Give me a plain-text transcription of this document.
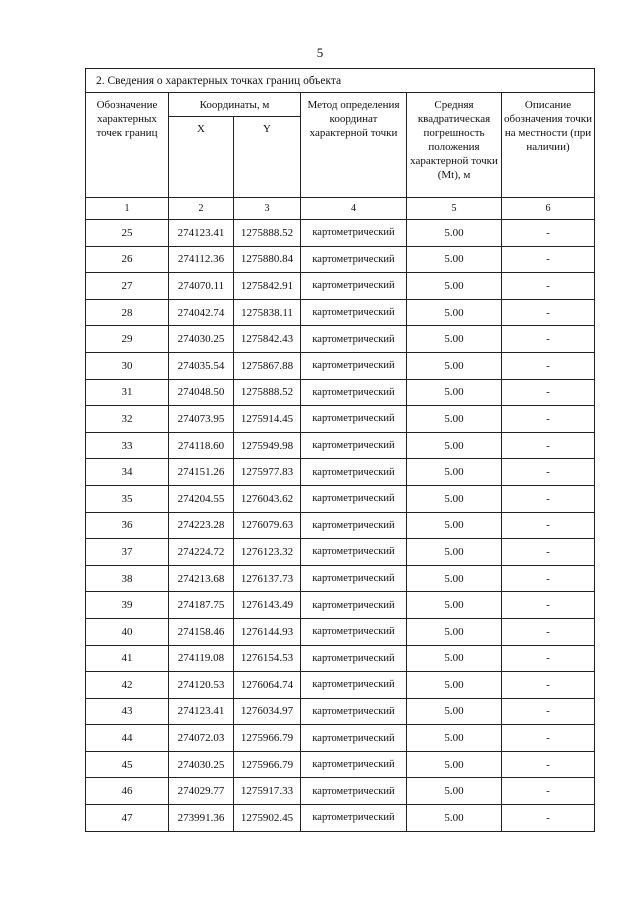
5
2. Сведения о характерных точках границ объекта					
Обозначение характерных точек границ	Координаты, м		Метод определения координат характерной точки	Средняя квадратическая погрешность положения характерной точки (Mt), м	Описание обозначения точки на местности (при наличии)
	X	Y			
1	2	3	4	5	6
25	274123.41	1275888.52	картометрический	5.00	-
26	274112.36	1275880.84	картометрический	5.00	-
27	274070.11	1275842.91	картометрический	5.00	-
28	274042.74	1275838.11	картометрический	5.00	-
29	274030.25	1275842.43	картометрический	5.00	-
30	274035.54	1275867.88	картометрический	5.00	-
31	274048.50	1275888.52	картометрический	5.00	-
32	274073.95	1275914.45	картометрический	5.00	-
33	274118.60	1275949.98	картометрический	5.00	-
34	274151.26	1275977.83	картометрический	5.00	-
35	274204.55	1276043.62	картометрический	5.00	-
36	274223.28	1276079.63	картометрический	5.00	-
37	274224.72	1276123.32	картометрический	5.00	-
38	274213.68	1276137.73	картометрический	5.00	-
39	274187.75	1276143.49	картометрический	5.00	-
40	274158.46	1276144.93	картометрический	5.00	-
41	274119.08	1276154.53	картометрический	5.00	-
42	274120.53	1276064.74	картометрический	5.00	-
43	274123.41	1276034.97	картометрический	5.00	-
44	274072.03	1275966.79	картометрический	5.00	-
45	274030.25	1275966.79	картометрический	5.00	-
46	274029.77	1275917.33	картометрический	5.00	-
47	273991.36	1275902.45	картометрический	5.00	-
